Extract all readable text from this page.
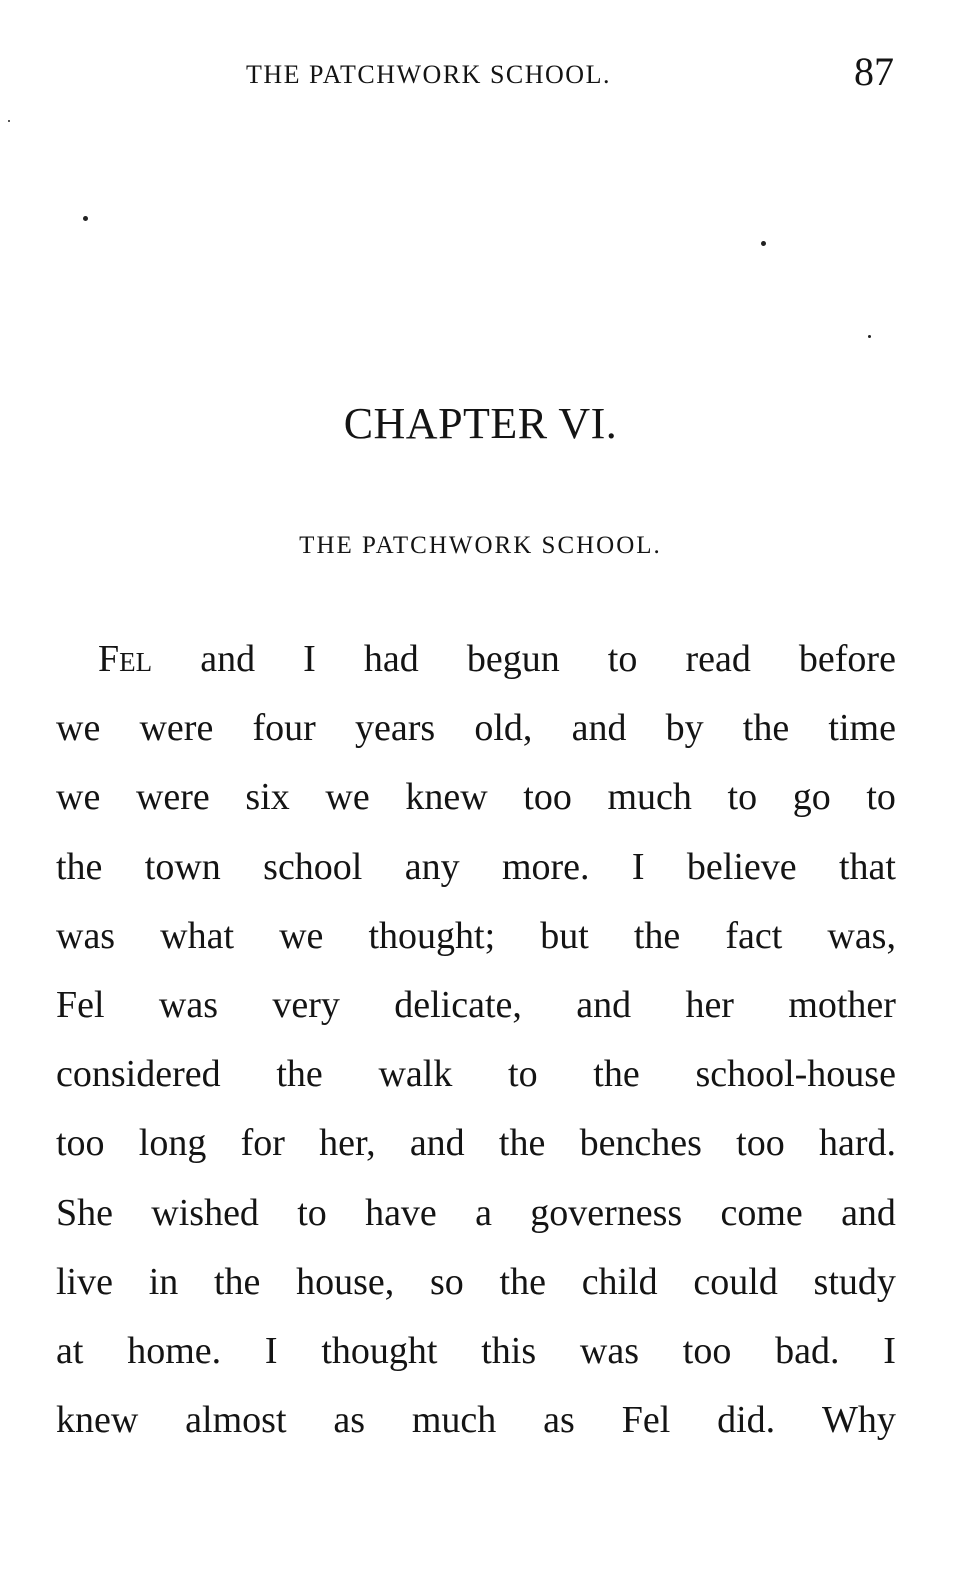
THE PATCHWORK SCHOOL.	87
CHAPTER VI.
THE PATCHWORK SCHOOL.
Fel and I had begun to read before
we were four years old, and by the time
we were six we knew too much to go to
the town school any more. I believe that
was what we thought; but the fact was,
Fel was very delicate, and her mother
considered the walk to the school-house
too long for her, and the benches too hard.
She wished to have a governess come and
live in the house, so the child could study
at home. I thought this was too bad. I
knew almost as much as Fel did. Why
